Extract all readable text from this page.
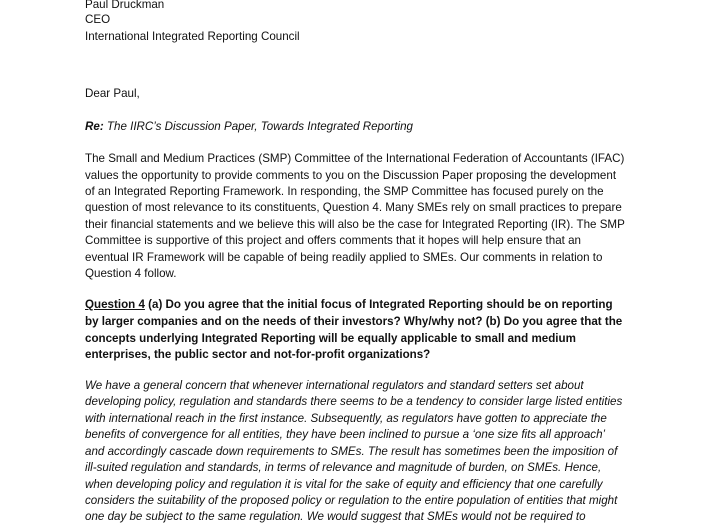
Paul Druckman
CEO
International Integrated Reporting Council
Dear Paul,
Re: The IIRC’s Discussion Paper, Towards Integrated Reporting
The Small and Medium Practices (SMP) Committee of the International Federation of Accountants (IFAC)
values the opportunity to provide comments to you on the Discussion Paper proposing the development
of an Integrated Reporting Framework. In responding, the SMP Committee has focused purely on the
question of most relevance to its constituents, Question 4. Many SMEs rely on small practices to prepare
their financial statements and we believe this will also be the case for Integrated Reporting (IR). The SMP
Committee is supportive of this project and offers comments that it hopes will help ensure that an
eventual IR Framework will be capable of being readily applied to SMEs. Our comments in relation to
Question 4 follow.
Question 4 (a) Do you agree that the initial focus of Integrated Reporting should be on reporting
by larger companies and on the needs of their investors? Why/why not? (b) Do you agree that the
concepts underlying Integrated Reporting will be equally applicable to small and medium
enterprises, the public sector and not-for-profit organizations?
We have a general concern that whenever international regulators and standard setters set about
developing policy, regulation and standards there seems to be a tendency to consider large listed entities
with international reach in the first instance. Subsequently, as regulators have gotten to appreciate the
benefits of convergence for all entities, they have been inclined to pursue a ‘one size fits all approach’
and accordingly cascade down requirements to SMEs. The result has sometimes been the imposition of
ill-suited regulation and standards, in terms of relevance and magnitude of burden, on SMEs. Hence,
when developing policy and regulation it is vital for the sake of equity and efficiency that one carefully
considers the suitability of the proposed policy or regulation to the entire population of entities that might
one day be subject to the same regulation. We would suggest that SMEs would not be required to
